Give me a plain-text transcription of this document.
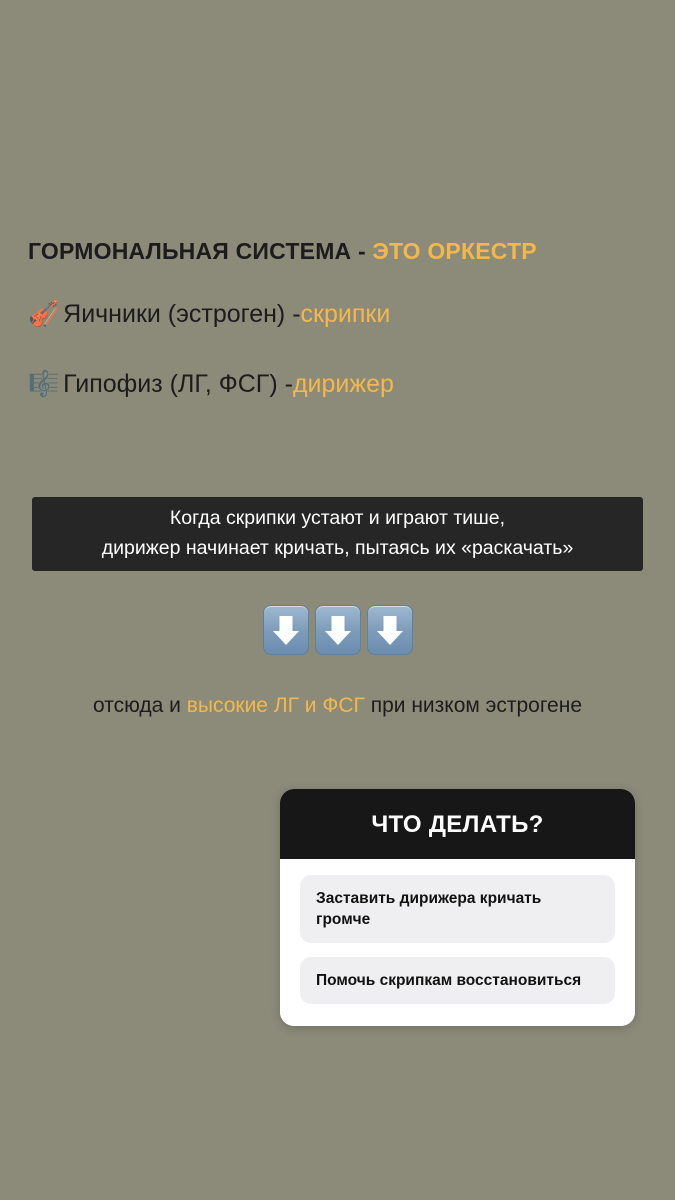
ГОРМОНАЛЬНАЯ СИСТЕМА - ЭТО ОРКЕСТР
🎻 Яичники (эстроген) - скрипки
🎼 Гипофиз (ЛГ, ФСГ) - дирижер
Когда скрипки устают и играют тише,
дирижер начинает кричать, пытаясь их «раскачать»
отсюда и высокие ЛГ и ФСГ при низком эстрогене
ЧТО ДЕЛАТЬ?
Заставить дирижера кричать громче
Помочь скрипкам восстановиться
